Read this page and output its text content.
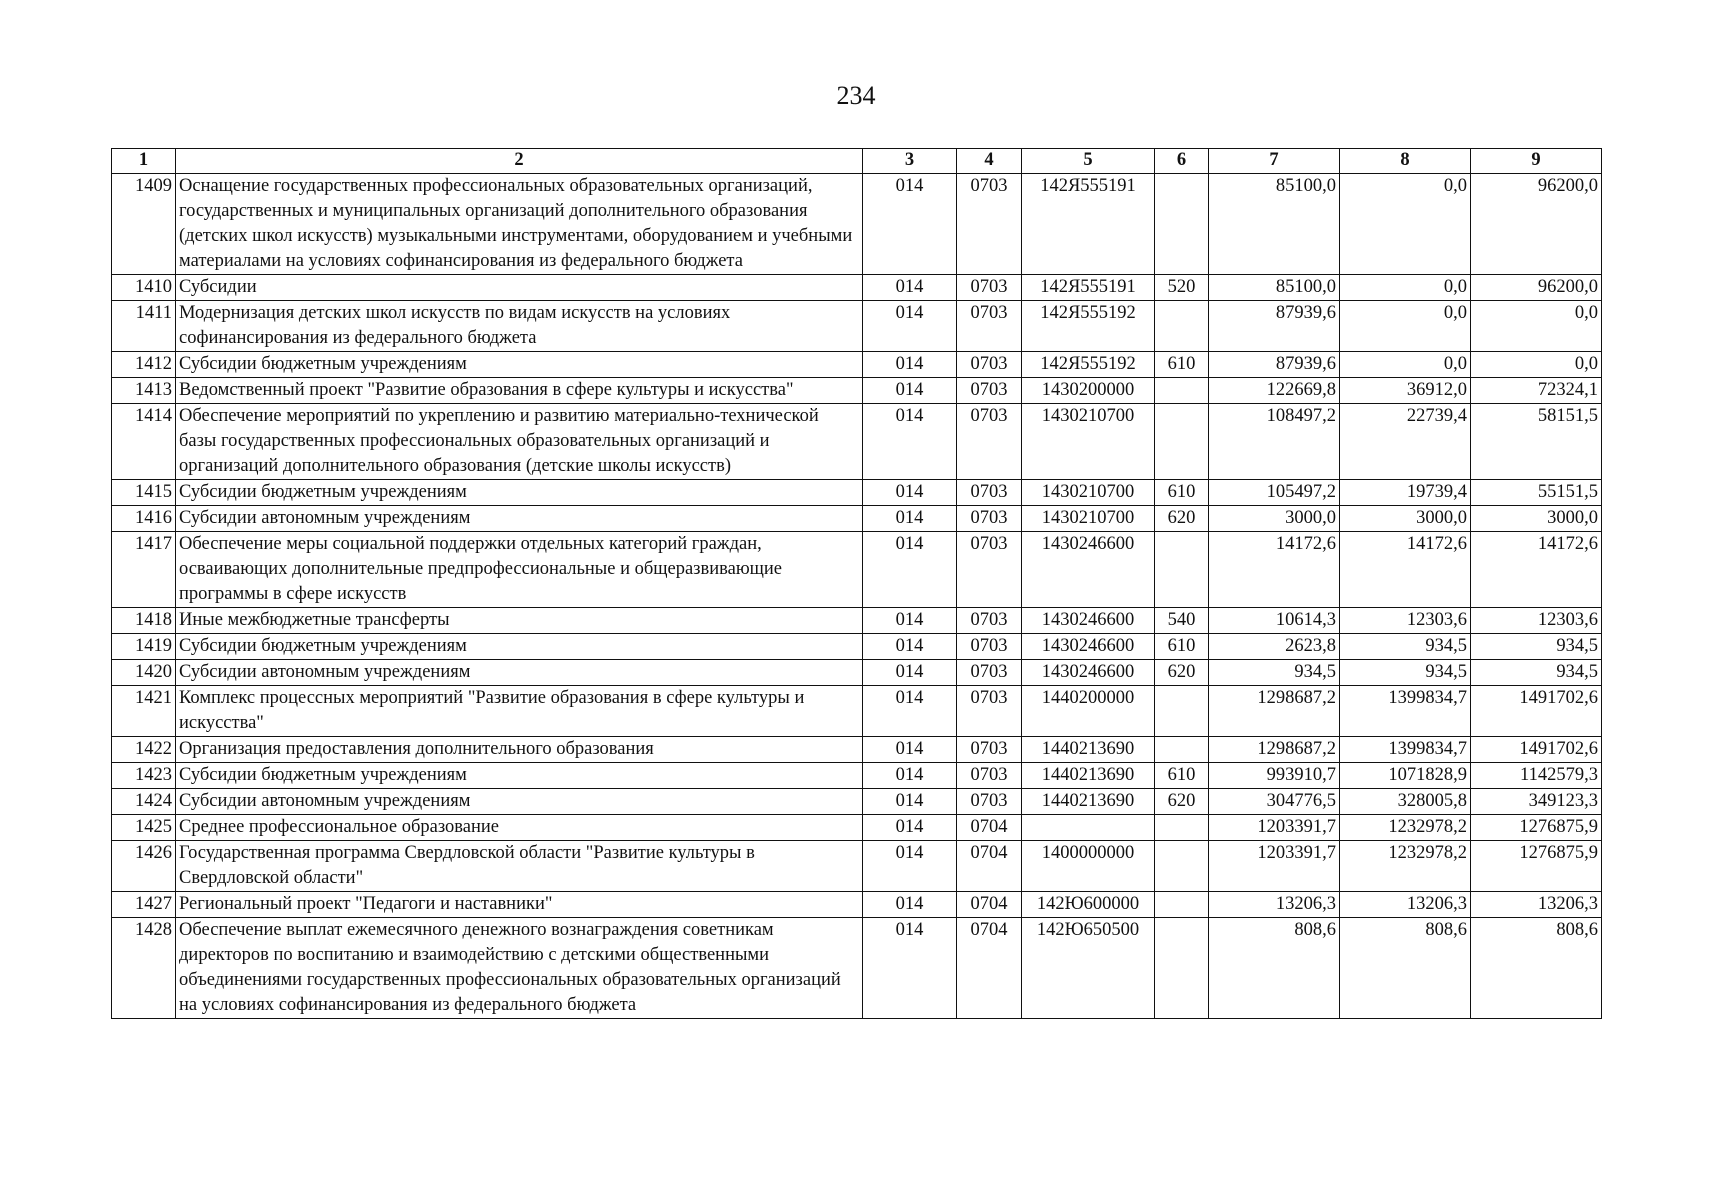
234
1	2	3	4	5	6	7	8	9
1409	Оснащение государственных профессиональных образовательных организаций, государственных и муниципальных организаций дополнительного образования (детских школ искусств) музыкальными инструментами, оборудованием и учебными материалами на условиях софинансирования из федерального бюджета	014	0703	142Я555191		85100,0	0,0	96200,0
1410	Субсидии	014	0703	142Я555191	520	85100,0	0,0	96200,0
1411	Модернизация детских школ искусств по видам искусств на условиях софинансирования из федерального бюджета	014	0703	142Я555192		87939,6	0,0	0,0
1412	Субсидии бюджетным учреждениям	014	0703	142Я555192	610	87939,6	0,0	0,0
1413	Ведомственный проект "Развитие образования в сфере культуры и искусства"	014	0703	1430200000		122669,8	36912,0	72324,1
1414	Обеспечение мероприятий по укреплению и развитию материально-технической базы государственных профессиональных образовательных организаций и организаций дополнительного образования (детские школы искусств)	014	0703	1430210700		108497,2	22739,4	58151,5
1415	Субсидии бюджетным учреждениям	014	0703	1430210700	610	105497,2	19739,4	55151,5
1416	Субсидии автономным учреждениям	014	0703	1430210700	620	3000,0	3000,0	3000,0
1417	Обеспечение меры социальной поддержки отдельных категорий граждан, осваивающих дополнительные предпрофессиональные и общеразвивающие программы в сфере искусств	014	0703	1430246600		14172,6	14172,6	14172,6
1418	Иные межбюджетные трансферты	014	0703	1430246600	540	10614,3	12303,6	12303,6
1419	Субсидии бюджетным учреждениям	014	0703	1430246600	610	2623,8	934,5	934,5
1420	Субсидии автономным учреждениям	014	0703	1430246600	620	934,5	934,5	934,5
1421	Комплекс процессных мероприятий "Развитие образования в сфере культуры и искусства"	014	0703	1440200000		1298687,2	1399834,7	1491702,6
1422	Организация предоставления дополнительного образования	014	0703	1440213690		1298687,2	1399834,7	1491702,6
1423	Субсидии бюджетным учреждениям	014	0703	1440213690	610	993910,7	1071828,9	1142579,3
1424	Субсидии автономным учреждениям	014	0703	1440213690	620	304776,5	328005,8	349123,3
1425	Среднее профессиональное образование	014	0704			1203391,7	1232978,2	1276875,9
1426	Государственная программа Свердловской области "Развитие культуры в Свердловской области"	014	0704	1400000000		1203391,7	1232978,2	1276875,9
1427	Региональный проект "Педагоги и наставники"	014	0704	142Ю600000		13206,3	13206,3	13206,3
1428	Обеспечение выплат ежемесячного денежного вознаграждения советникам директоров по воспитанию и взаимодействию с детскими общественными объединениями государственных профессиональных образовательных организаций на условиях софинансирования из федерального бюджета	014	0704	142Ю650500		808,6	808,6	808,6
